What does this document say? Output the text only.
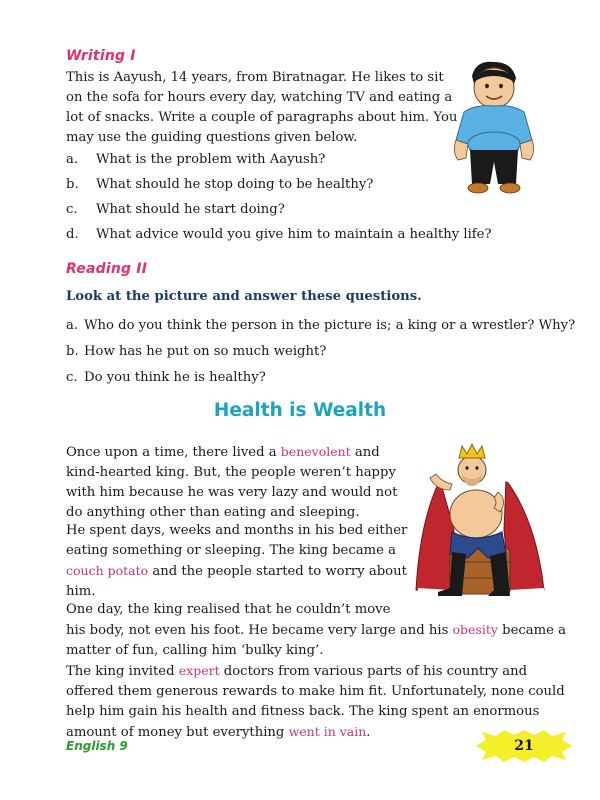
Writing I

This is Aayush, 14 years, from Biratnagar. He likes to sit
on the sofa for hours every day, watching TV and eating a
lot of snacks. Write a couple of paragraphs about him. You
may use the guiding questions given below.

a.	What is the problem with Aayush?
b.	What should he stop doing to be healthy?
c.	What should he start doing?
d.	What advice would you give him to maintain a healthy life?
Reading II
Look at the picture and answer these questions.
a. Who do you think the person in the picture is; a king or a wrestler? Why?
b. How has he put on so much weight?
c. Do you think he is healthy?
Health is Wealth

Once upon a time, there lived a benevolent and
kind-hearted king. But, the people weren’t happy
with him because he was very lazy and would not
do anything other than eating and sleeping.

He spent days, weeks and months in his bed either
eating something or sleeping. The king became a
couch potato and the people started to worry about
him.

One day, the king realised that he couldn’t move
his body, not even his foot. He became very large and his obesity became a
matter of fun, calling him ‘bulky king’.

The king invited expert doctors from various parts of his country and
offered them generous rewards to make him fit. Unfortunately, none could
help him gain his health and fitness back. The king spent an enormous
amount of money but everything went in vain.

English 9	21
